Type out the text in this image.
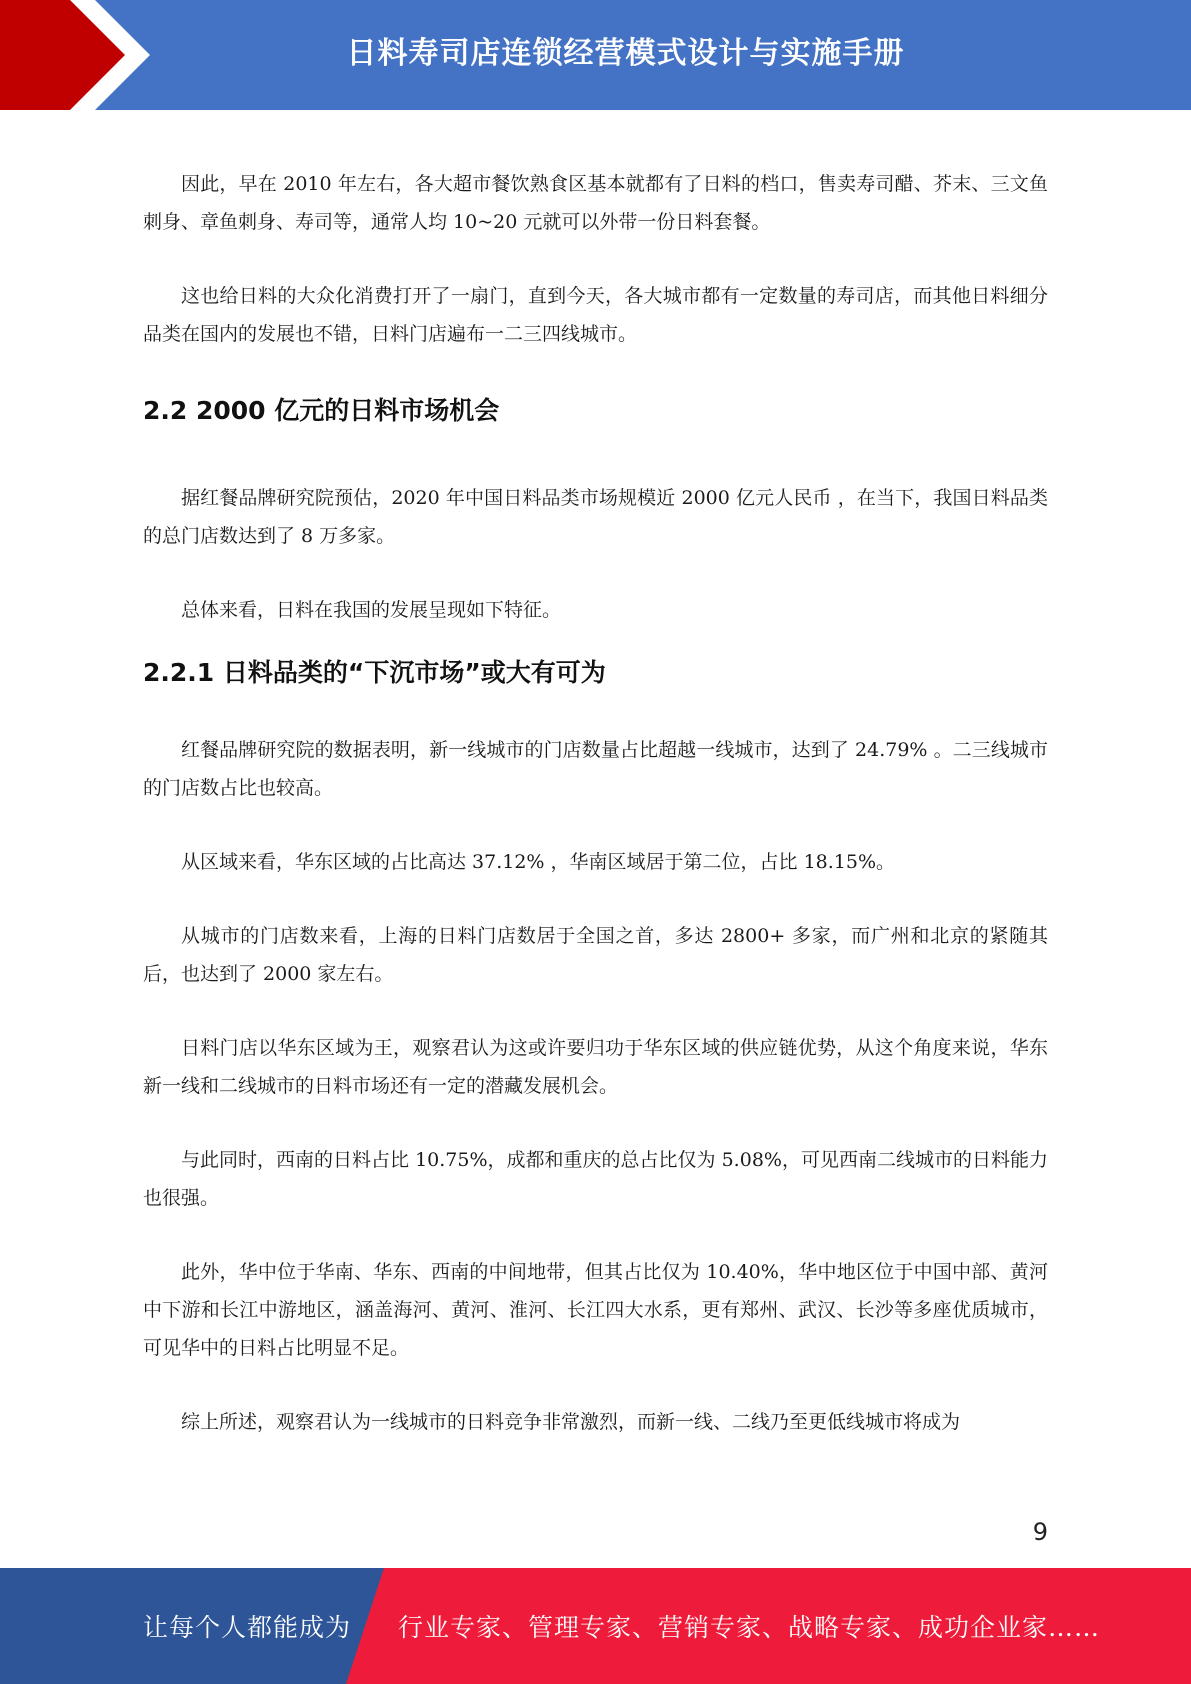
日料寿司店连锁经营模式设计与实施手册

因此，早在 2010 年左右，各大超市餐饮熟食区基本就都有了日料的档口，售卖寿司醋、芥末、三文鱼刺身、章鱼刺身、寿司等，通常人均 10~20 元就可以外带一份日料套餐。

这也给日料的大众化消费打开了一扇门，直到今天，各大城市都有一定数量的寿司店，而其他日料细分品类在国内的发展也不错，日料门店遍布一二三四线城市。

2.2 2000 亿元的日料市场机会

据红餐品牌研究院预估，2020 年中国日料品类市场规模近 2000 亿元人民币 ，在当下，我国日料品类的总门店数达到了 8 万多家。

总体来看，日料在我国的发展呈现如下特征。

2.2.1 日料品类的“下沉市场”或大有可为

红餐品牌研究院的数据表明，新一线城市的门店数量占比超越一线城市，达到了 24.79% 。二三线城市的门店数占比也较高。

从区域来看，华东区域的占比高达 37.12% ，华南区域居于第二位，占比 18.15%。

从城市的门店数来看，上海的日料门店数居于全国之首，多达 2800+ 多家，而广州和北京的紧随其后，也达到了 2000 家左右。

日料门店以华东区域为王，观察君认为这或许要归功于华东区域的供应链优势，从这个角度来说，华东新一线和二线城市的日料市场还有一定的潜藏发展机会。

与此同时，西南的日料占比 10.75%，成都和重庆的总占比仅为 5.08%，可见西南二线城市的日料能力也很强。

此外，华中位于华南、华东、西南的中间地带，但其占比仅为 10.40%，华中地区位于中国中部、黄河中下游和长江中游地区，涵盖海河、黄河、淮河、长江四大水系，更有郑州、武汉、长沙等多座优质城市，可见华中的日料占比明显不足。

综上所述，观察君认为一线城市的日料竞争非常激烈，而新一线、二线乃至更低线城市将成为

9
让每个人都能成为 行业专家、管理专家、营销专家、战略专家、成功企业家……
